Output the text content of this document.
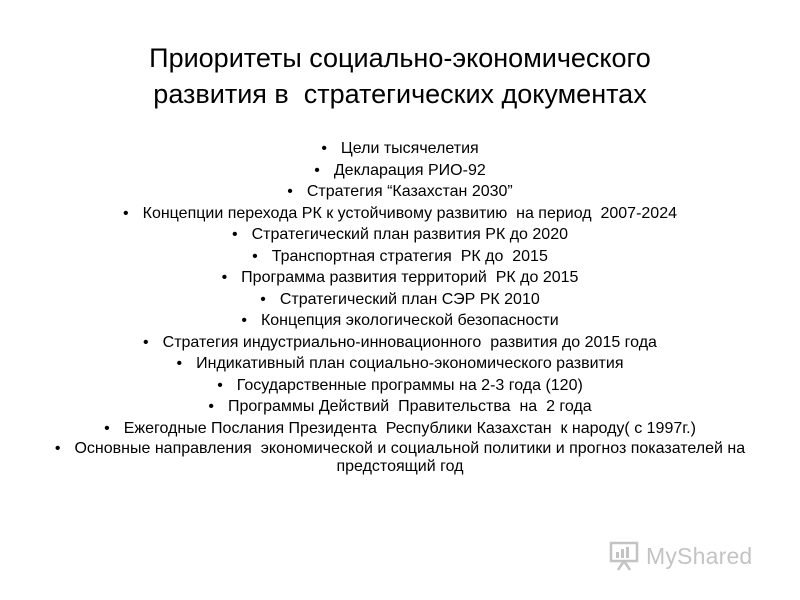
Приоритеты социально-экономического
развития в  стратегических документах
• Цели тысячелетия
• Декларация РИО-92
• Стратегия “Казахстан 2030”
• Концепции перехода РК к устойчивому развитию  на период  2007-2024
• Стратегический план развития РК до 2020
• Транспортная стратегия  РК до  2015
• Программа развития территорий  РК до 2015
• Стратегический план СЭР РК 2010
• Концепция экологической безопасности
• Стратегия индустриально-инновационного  развития до 2015 года
• Индикативный план социально-экономического развития
• Государственные программы на 2-3 года (120)
• Программы Действий  Правительства  на  2 года
• Ежегодные Послания Президента  Республики Казахстан  к народу( с 1997г.)
• Основные направления  экономической и социальной политики и прогноз показателей на предстоящий год
MyShared
